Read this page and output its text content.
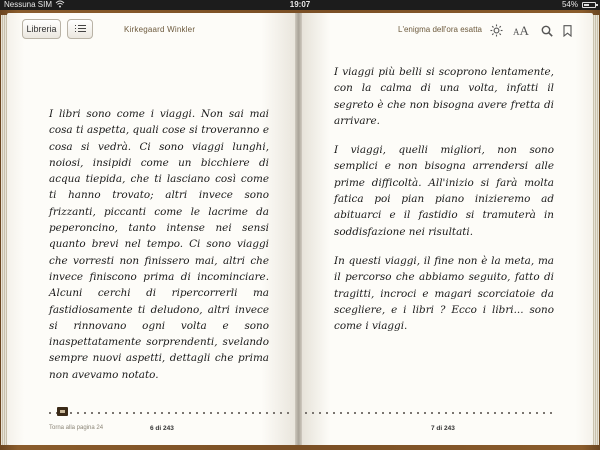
Nessuna SIM	19:07	54%
Libreria	Kirkegaard Winkler	L'enigma dell'ora esatta	AA

I libri sono come i viaggi. Non sai mai cosa ti aspetta, quali cose si troveranno e cosa si vedrà. Ci sono viaggi lunghi, noiosi, insipidi come un bicchiere di acqua tiepida, che ti lasciano così come ti hanno trovato; altri invece sono frizzanti, piccanti come le lacrime da peperoncino, tanto intense nei sensi quanto brevi nel tempo. Ci sono viaggi che vorresti non finissero mai, altri che invece finiscono prima di incominciare. Alcuni cerchi di ripercorrerli ma fastidiosamente ti deludono, altri invece si rinnovano ogni volta e sono inaspettatamente sorprendenti, svelando sempre nuovi aspetti, dettagli che prima non avevamo notato.

I viaggi più belli si scoprono lentamente, con la calma di una volta, infatti il segreto è che non bisogna avere fretta di arrivare.

I viaggi, quelli migliori, non sono semplici e non bisogna arrendersi alle prime difficoltà. All'inizio si farà molta fatica poi pian piano inizieremo ad abituarci e il fastidio si tramuterà in soddisfazione nei risultati.

In questi viaggi, il fine non è la meta, ma il percorso che abbiamo seguito, fatto di tragitti, incroci e magari scorciatoie da scegliere, e i libri ? Ecco i libri... sono come i viaggi.

Torna alla pagina 24	6 di 243	7 di 243
